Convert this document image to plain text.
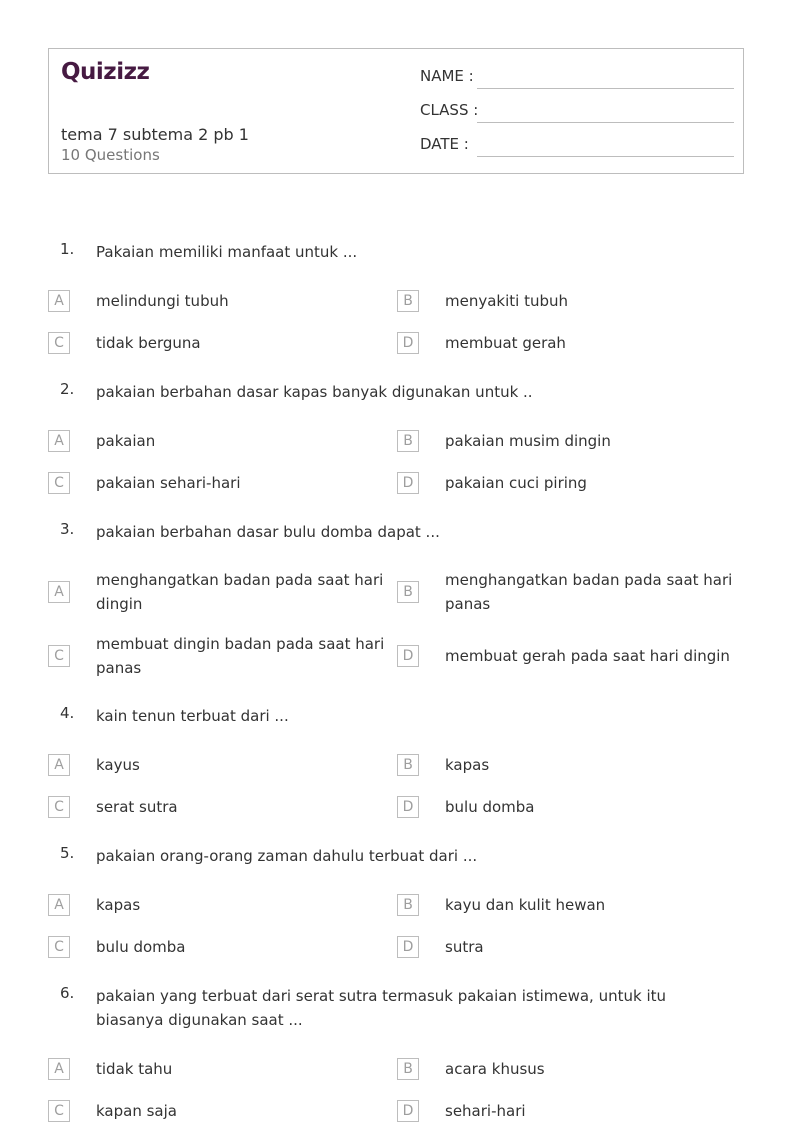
Quizizz
tema 7 subtema 2 pb 1
10 Questions
NAME :
CLASS :
DATE :
1. Pakaian memiliki manfaat untuk ...
A	melindungi tubuh	B	menyakiti tubuh
C	tidak berguna	D	membuat gerah
2. pakaian berbahan dasar kapas banyak digunakan untuk ..
A	pakaian	B	pakaian musim dingin
C	pakaian sehari-hari	D	pakaian cuci piring
3. pakaian berbahan dasar bulu domba dapat ...
A
menghangatkan badan pada saat hari dingin
B
menghangatkan badan pada saat hari panas
C
membuat dingin badan pada saat hari panas
D	membuat gerah pada saat hari dingin
4. kain tenun terbuat dari ...
A	kayus	B	kapas
C	serat sutra	D	bulu domba
5. pakaian orang-orang zaman dahulu terbuat dari ...
A	kapas	B	kayu dan kulit hewan
C	bulu domba	D	sutra
6. pakaian yang terbuat dari serat sutra termasuk pakaian istimewa, untuk itu biasanya digunakan saat ...
A	tidak tahu	B	acara khusus
C	kapan saja	D	sehari-hari
